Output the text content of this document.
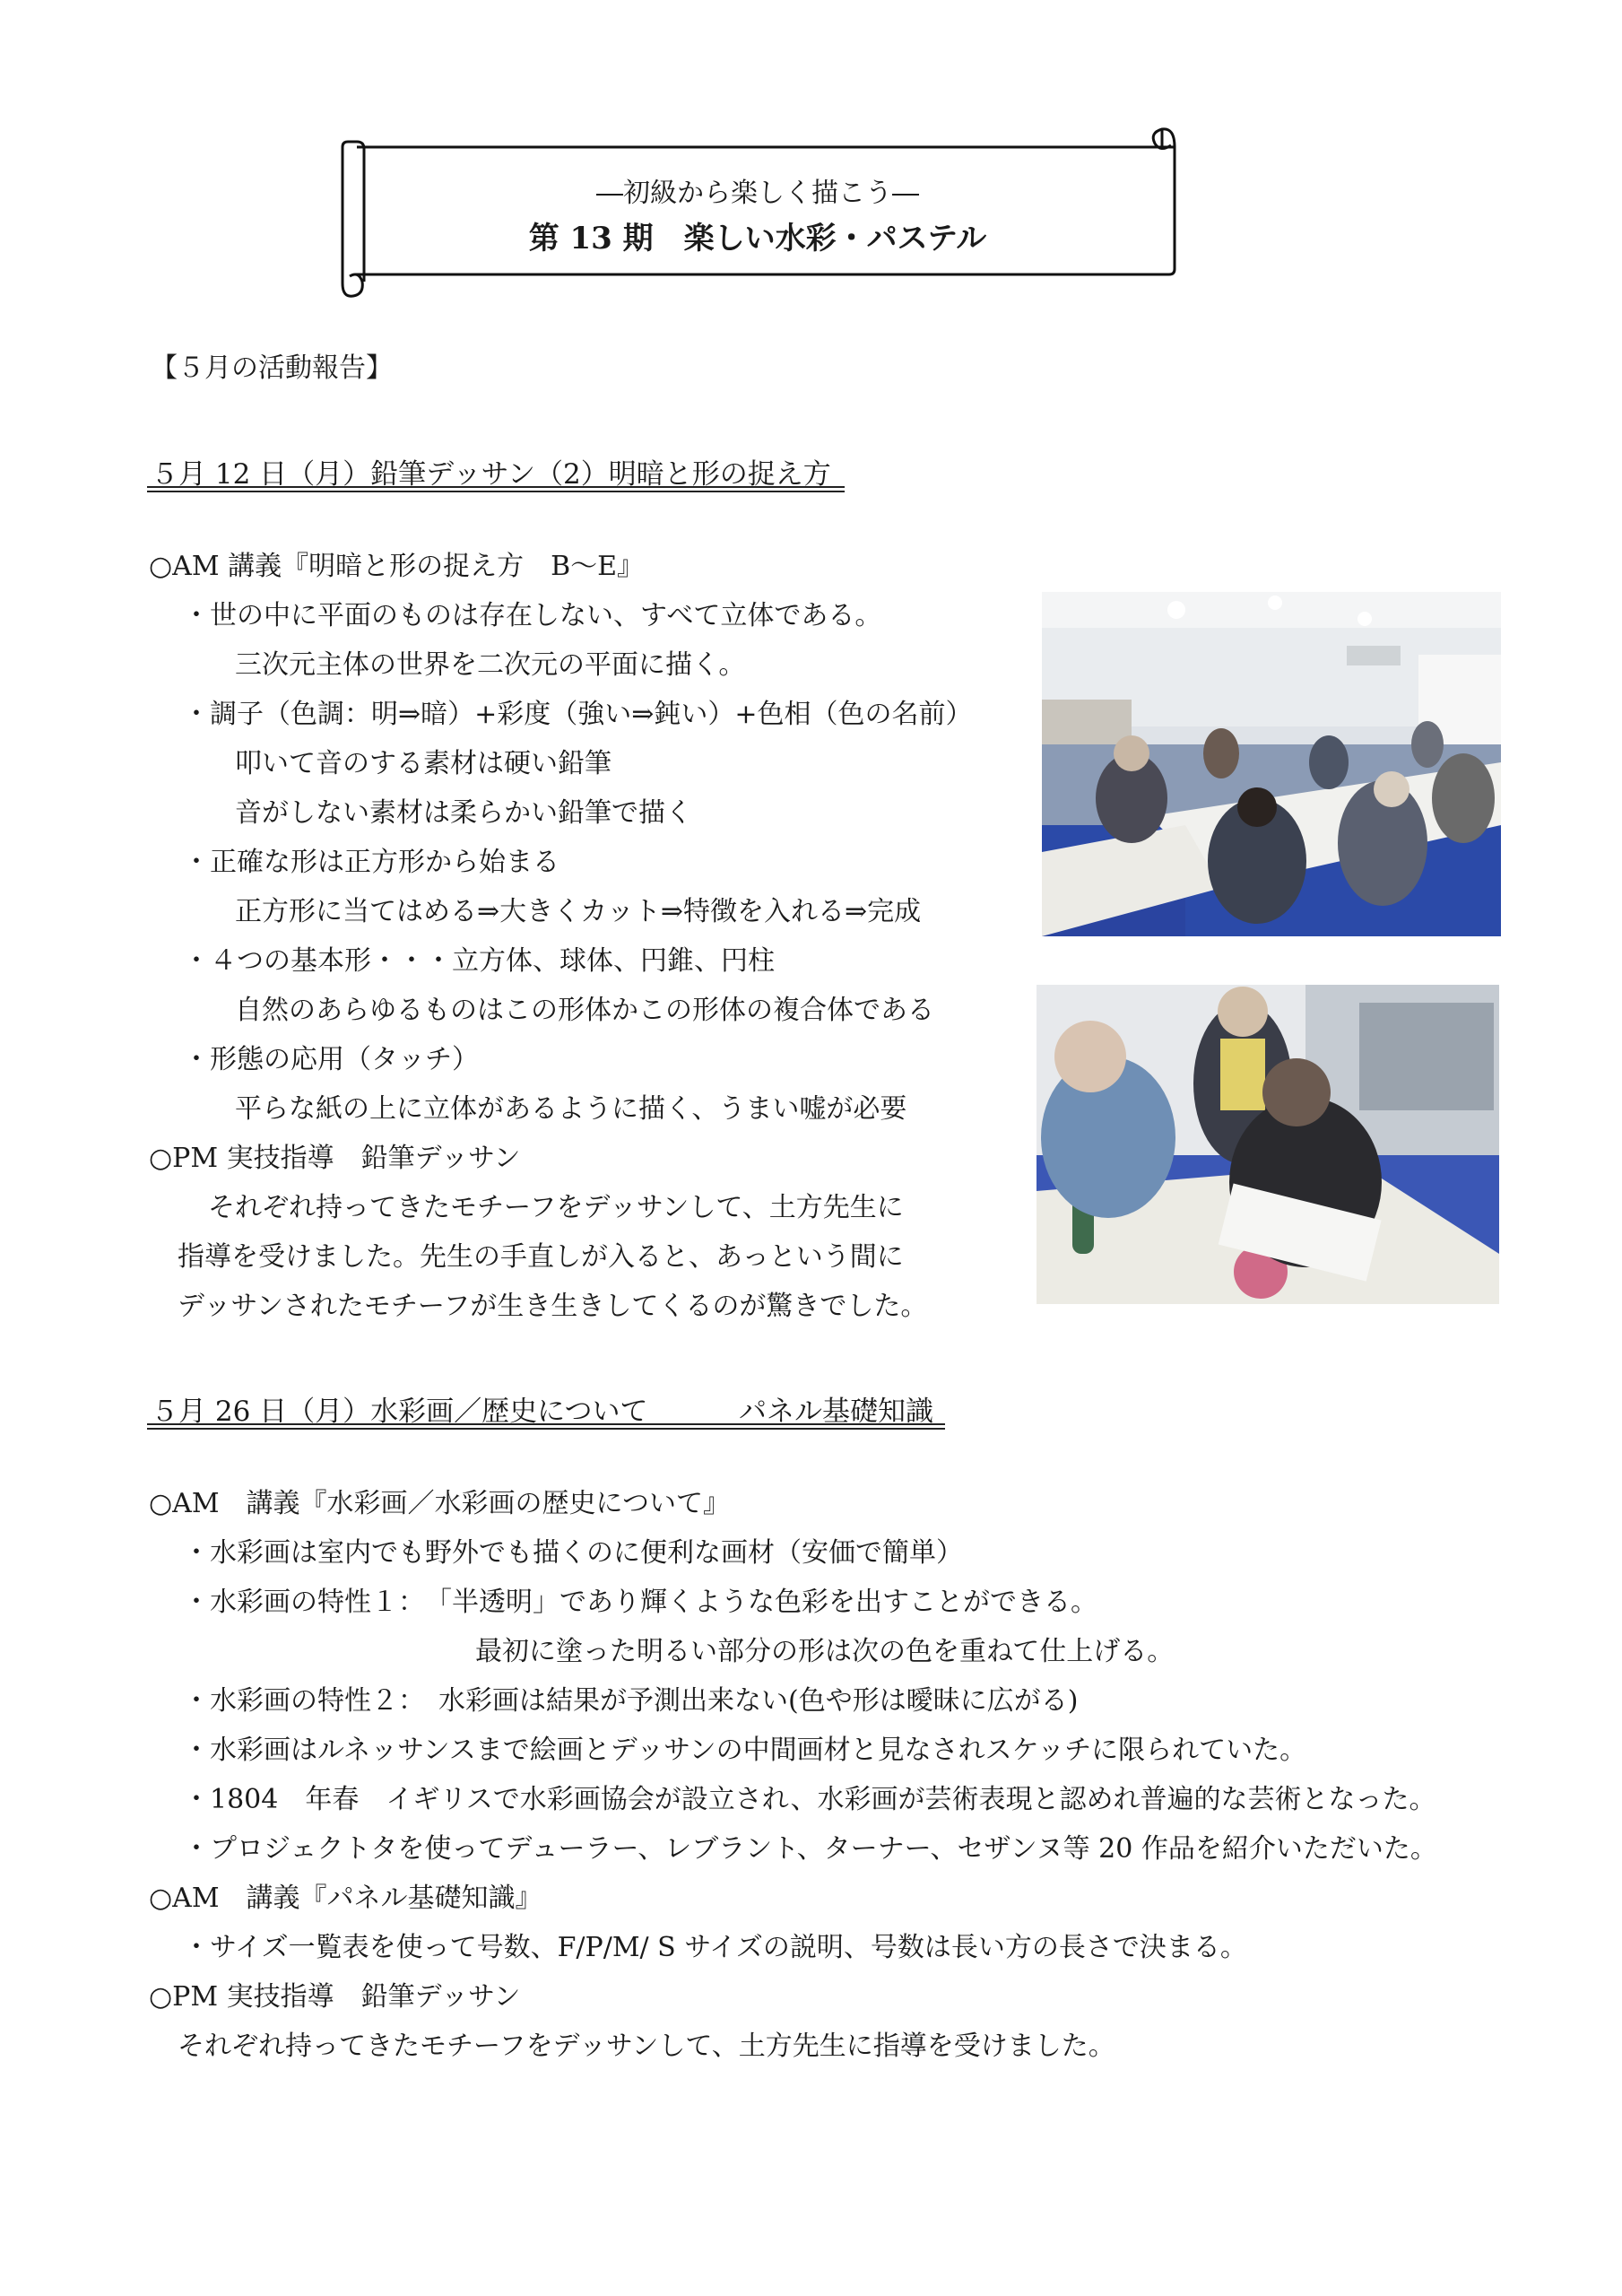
―初級から楽しく描こう―
第 13 期　楽しい水彩・パステル
【５月の活動報告】
５月 12 日（月）鉛筆デッサン（2）明暗と形の捉え方
○AM 講義『明暗と形の捉え方　B～E』
・世の中に平面のものは存在しない、すべて立体である。
三次元主体の世界を二次元の平面に描く。
・調子（色調：明⇒暗）+彩度（強い⇒鈍い）+色相（色の名前）
叩いて音のする素材は硬い鉛筆
音がしない素材は柔らかい鉛筆で描く
・正確な形は正方形から始まる
正方形に当てはめる⇒大きくカット⇒特徴を入れる⇒完成
・４つの基本形・・・立方体、球体、円錐、円柱
自然のあらゆるものはこの形体かこの形体の複合体である
・形態の応用（タッチ）
平らな紙の上に立体があるように描く、うまい嘘が必要
○PM 実技指導　鉛筆デッサン
それぞれ持ってきたモチーフをデッサンして、土方先生に
指導を受けました。先生の手直しが入ると、あっという間に
デッサンされたモチーフが生き生きしてくるのが驚きでした。
５月 26 日（月）水彩画／歴史について	パネル基礎知識
○AM　講義『水彩画／水彩画の歴史について』
・水彩画は室内でも野外でも描くのに便利な画材（安価で簡単）
・水彩画の特性１：　「半透明」であり輝くような色彩を出すことができる。
最初に塗った明るい部分の形は次の色を重ねて仕上げる。
・水彩画の特性２：　水彩画は結果が予測出来ない(色や形は曖昧に広がる)
・水彩画はルネッサンスまで絵画とデッサンの中間画材と見なされスケッチに限られていた。
・1804　年春　イギリスで水彩画協会が設立され、水彩画が芸術表現と認めれ普遍的な芸術となった。
・プロジェクトタを使ってデューラー、レブラント、ターナー、セザンヌ等 20 作品を紹介いただいた。
○AM　講義『パネル基礎知識』
・サイズ一覧表を使って号数、F/P/M/ S サイズの説明、号数は長い方の長さで決まる。
○PM 実技指導　鉛筆デッサン
それぞれ持ってきたモチーフをデッサンして、土方先生に指導を受けました。
